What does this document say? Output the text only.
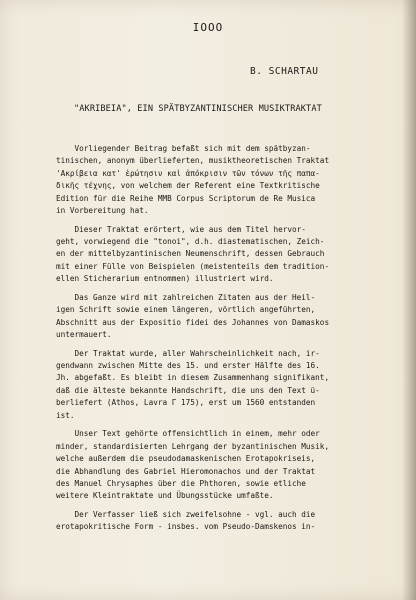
IOOO
B. SCHARTAU
"AKRIBEIA", EIN SPÄTBYZANTINISCHER MUSIKTRAKTAT
Vorliegender Beitrag befaßt sich mit dem spätbyzan-
tinischen, anonym überlieferten, musiktheoretischen Traktat
'Ακρίβεια κατ' ἐρώτησιν καὶ ἀπόκρισιν τῶν τόνων τῆς παπα-
δικῆς τέχνης, von welchem der Referent eine Textkritische
Edition für die Reihe MMB Corpus Scriptorum de Re Musica
in Vorbereitung hat.
Dieser Traktat erörtert, wie aus dem Titel hervor-
geht, vorwiegend die "tonoi", d.h. diastematischen, Zeich-
en der mittelbyzantinischen Neumenschrift, dessen Gebrauch
mit einer Fülle von Beispielen (meistenteils dem tradition-
ellen Sticherarium entnommen) illustriert wird.
Das Ganze wird mit zahlreichen Zitaten aus der Heil-
igen Schrift sowie einem längeren, vörtlich angeführten,
Abschnitt aus der Expositio fidei des Johannes von Damaskos
untermauert.
Der Traktat wurde, aller Wahrscheinlichkeit nach, ir-
gendwann zwischen Mitte des 15. und erster Hälfte des 16.
Jh. abgefaßt. Es bleibt in diesem Zusammenhang signifikant,
daß die älteste bekannte Handschrift, die uns den Text ü-
berliefert (Athos, Lavra Γ 175), erst um 1560 entstanden
ist.
Unser Text gehörte offensichtlich in einem, mehr oder
minder, standardisierten Lehrgang der byzantinischen Musik,
welche außerdem die pseudodamaskenischen Erotapokriseis,
die Abhandlung des Gabriel Hieromonachos und der Traktat
des Manuel Chrysaphes über die Phthoren, sowie etliche
weitere Kleintraktate und Übungsstücke umfaßte.
Der Verfasser ließ sich zweifelsohne - vgl. auch die
erotapokritische Form - insbes. vom Pseudo-Damskenos in-
